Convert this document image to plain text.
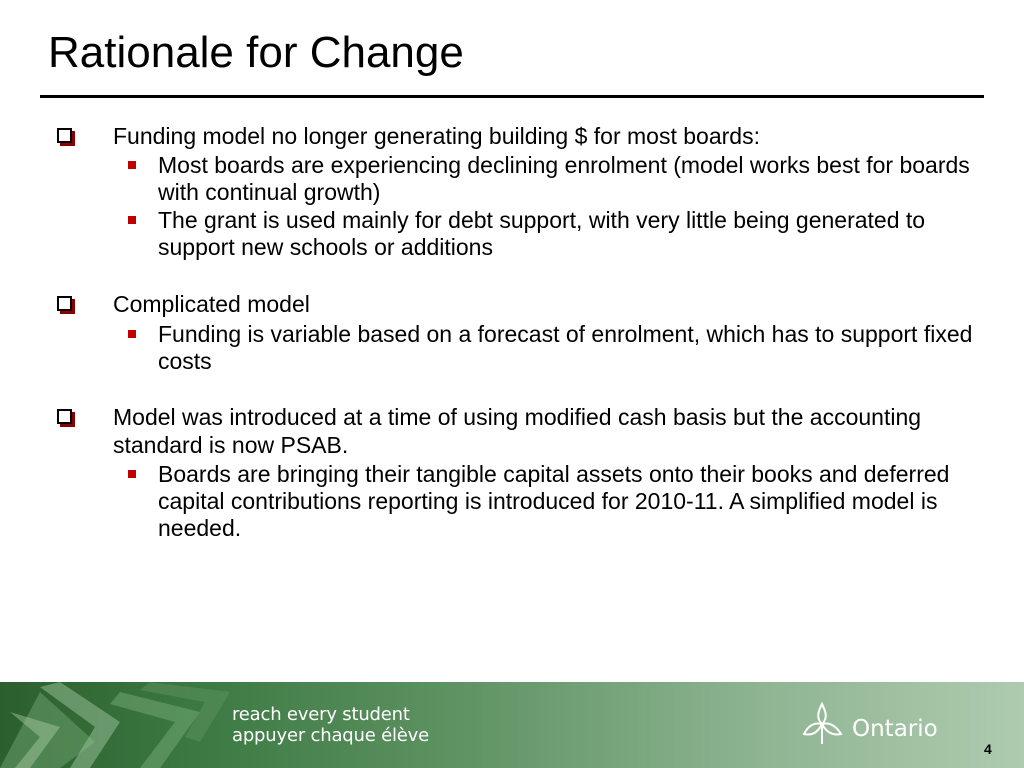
Rationale for Change
Funding model no longer generating building $ for most boards:
Most boards are experiencing declining enrolment (model works best for boards with continual growth)
The grant is used mainly for debt support, with very little being generated to support new schools or additions
Complicated model
Funding is variable based on a forecast of enrolment, which has to support fixed costs
Model was introduced at a time of using modified cash basis but the accounting standard is now PSAB.
Boards are bringing their tangible capital assets onto their books and deferred capital contributions reporting is introduced for 2010-11. A simplified model is needed.
reach every student
appuyer chaque élève	Ontario
4
